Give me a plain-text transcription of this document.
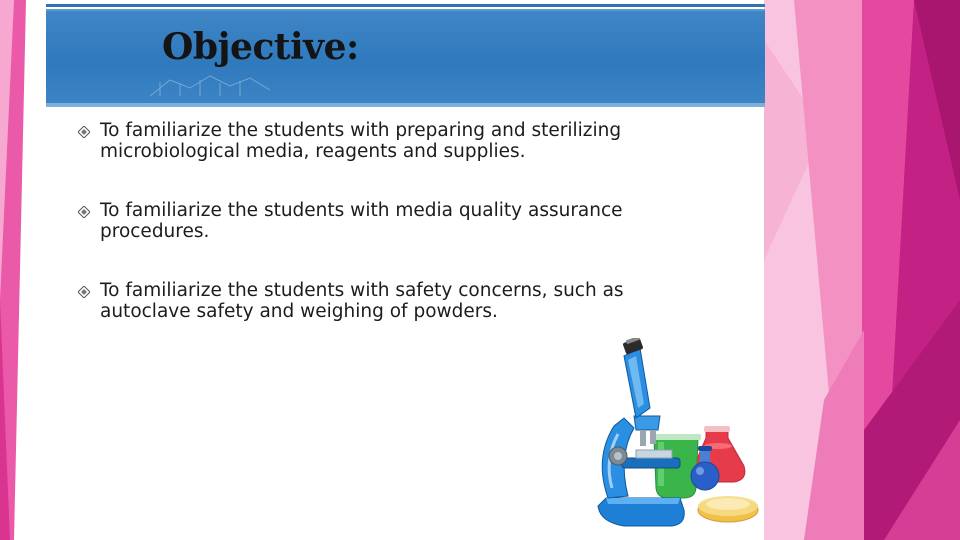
Objective:
To familiarize the students with preparing and sterilizing microbiological media, reagents and supplies.
To familiarize the students with media quality assurance procedures.
To familiarize the students with safety concerns, such as autoclave safety and weighing of powders.
